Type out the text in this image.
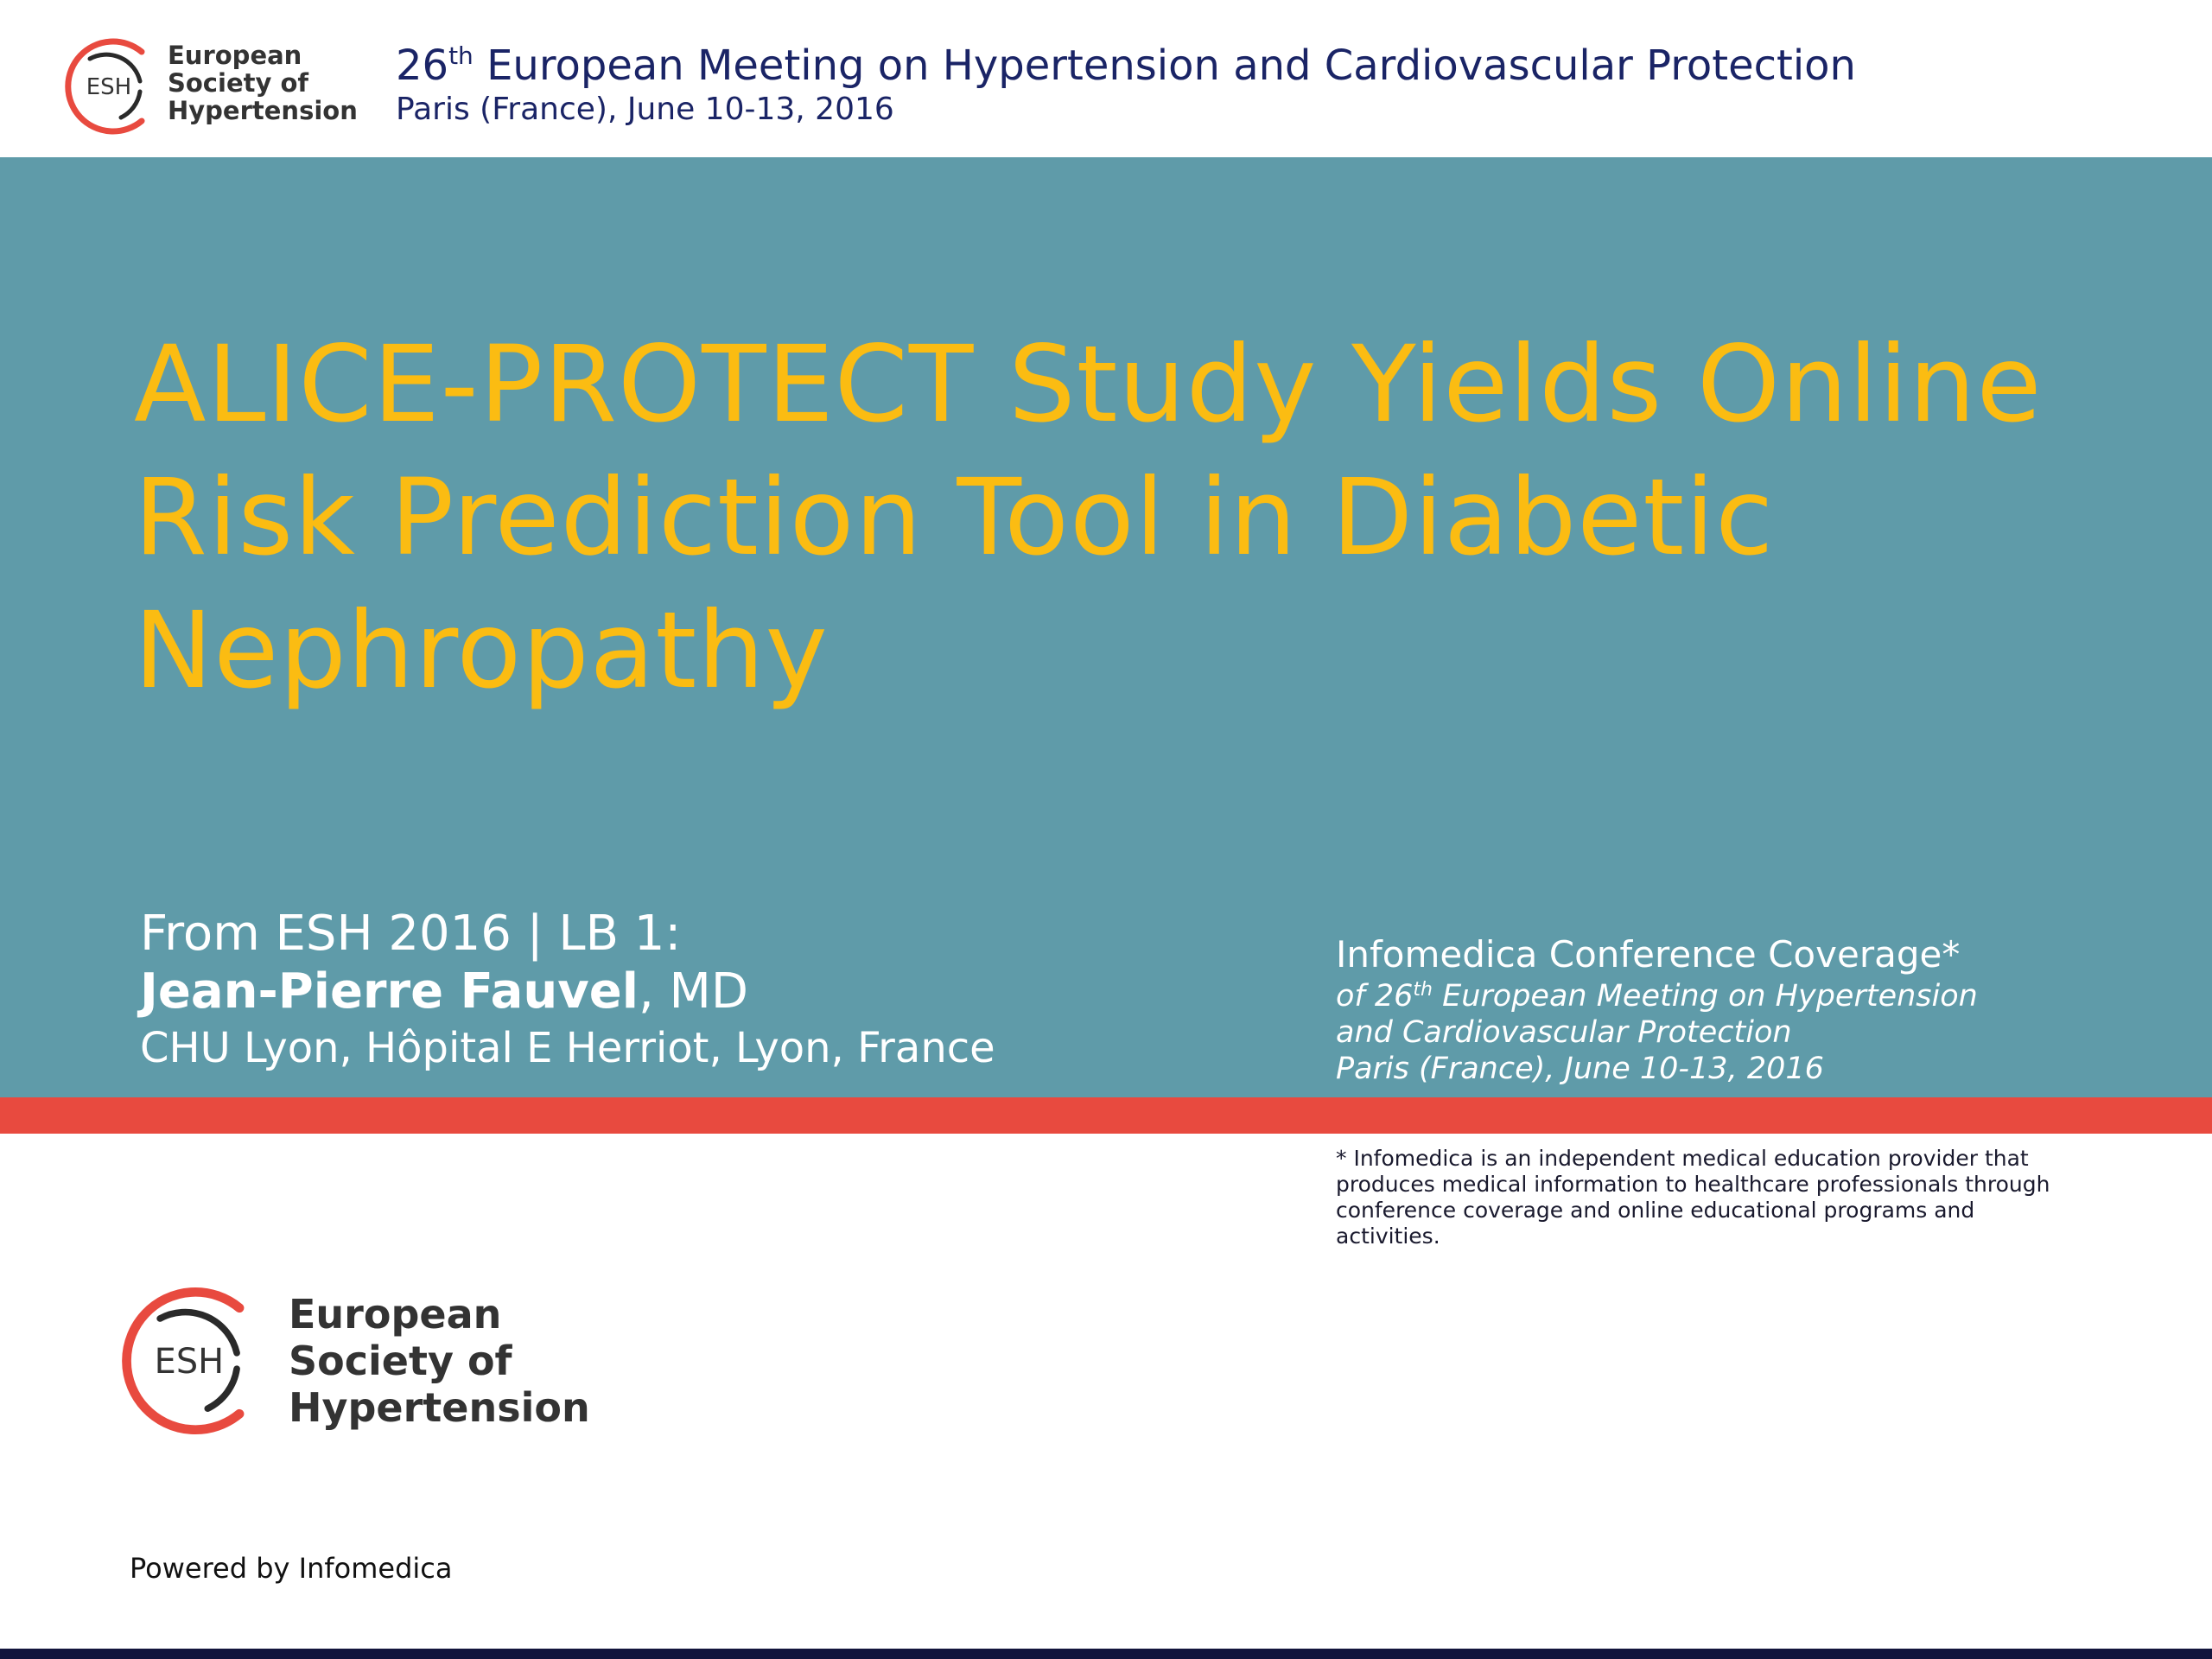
ESH
European
Society of
Hypertension
26th European Meeting on Hypertension and Cardiovascular Protection
Paris (France), June 10-13, 2016
ALICE-PROTECT Study Yields Online Risk Prediction Tool in Diabetic Nephropathy
From ESH 2016 | LB 1:
Jean-Pierre Fauvel, MD
CHU Lyon, Hôpital E Herriot, Lyon, France
Infomedica Conference Coverage*
of 26th European Meeting on Hypertension
and Cardiovascular Protection
Paris (France), June 10-13, 2016

* Infomedica is an independent medical education provider that produces medical information to healthcare professionals through conference coverage and online educational programs and activities.

ESH
European
Society of
Hypertension
Powered by Infomedica
